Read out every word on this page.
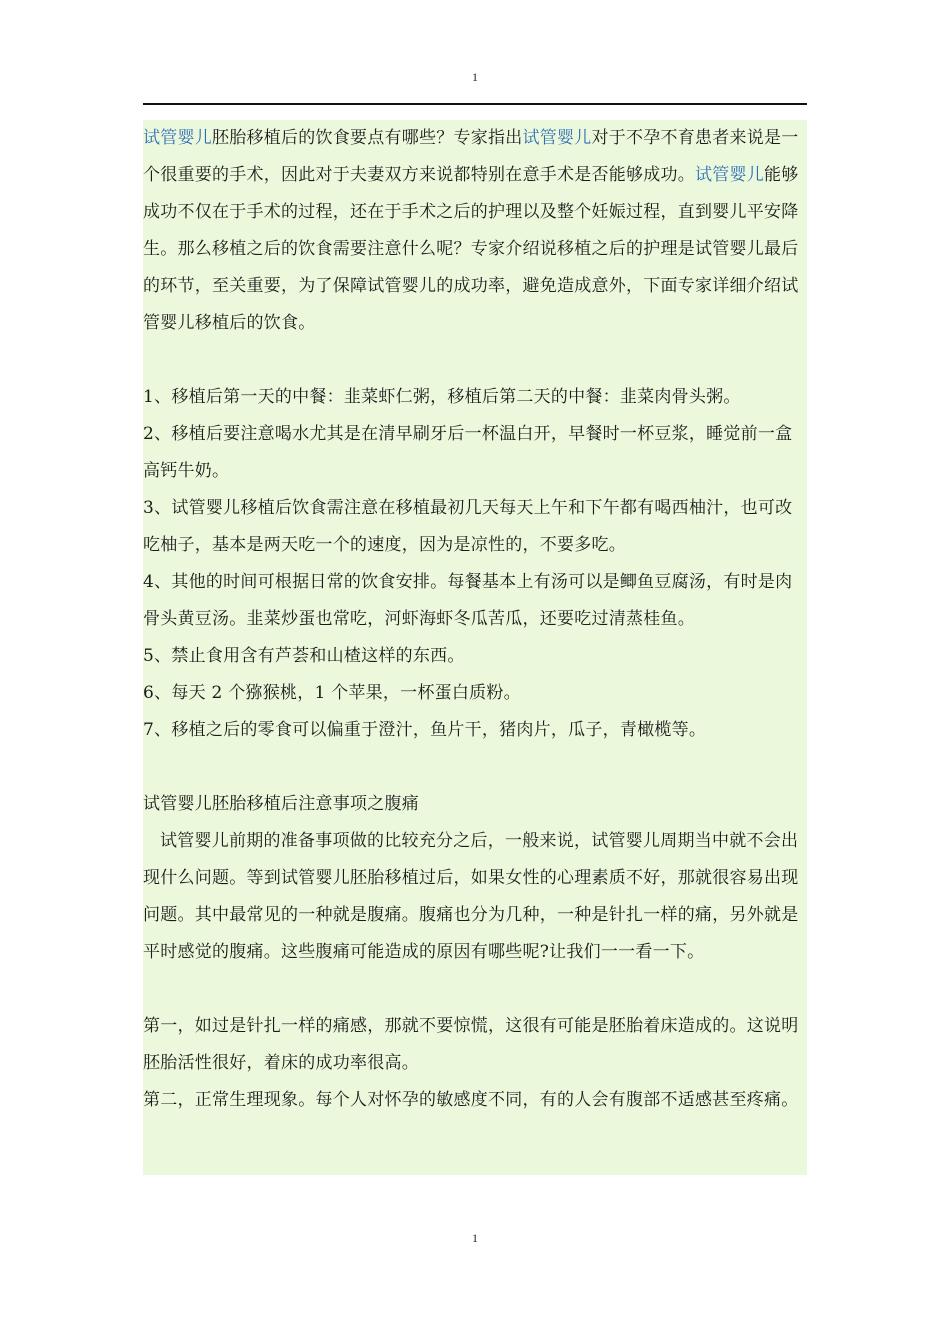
1

试管婴儿胚胎移植后的饮食要点有哪些？专家指出试管婴儿对于不孕不育患者来说是一个很重要的手术，因此对于夫妻双方来说都特别在意手术是否能够成功。试管婴儿能够成功不仅在于手术的过程，还在于手术之后的护理以及整个妊娠过程，直到婴儿平安降生。那么移植之后的饮食需要注意什么呢？专家介绍说移植之后的护理是试管婴儿最后的环节，至关重要，为了保障试管婴儿的成功率，避免造成意外，下面专家详细介绍试管婴儿移植后的饮食。

1、移植后第一天的中餐：韭菜虾仁粥，移植后第二天的中餐：韭菜肉骨头粥。

2、移植后要注意喝水尤其是在清早刷牙后一杯温白开，早餐时一杯豆浆，睡觉前一盒高钙牛奶。

3、试管婴儿移植后饮食需注意在移植最初几天每天上午和下午都有喝西柚汁，也可改吃柚子，基本是两天吃一个的速度，因为是凉性的，不要多吃。

4、其他的时间可根据日常的饮食安排。每餐基本上有汤可以是鲫鱼豆腐汤，有时是肉骨头黄豆汤。韭菜炒蛋也常吃，河虾海虾冬瓜苦瓜，还要吃过清蒸桂鱼。

5、禁止食用含有芦荟和山楂这样的东西。

6、每天 2 个猕猴桃，1 个苹果，一杯蛋白质粉。

7、移植之后的零食可以偏重于澄汁，鱼片干，猪肉片，瓜子，青橄榄等。

试管婴儿胚胎移植后注意事项之腹痛

试管婴儿前期的准备事项做的比较充分之后，一般来说，试管婴儿周期当中就不会出现什么问题。等到试管婴儿胚胎移植过后，如果女性的心理素质不好，那就很容易出现问题。其中最常见的一种就是腹痛。腹痛也分为几种，一种是针扎一样的痛，另外就是平时感觉的腹痛。这些腹痛可能造成的原因有哪些呢?让我们一一看一下。

第一，如过是针扎一样的痛感，那就不要惊慌，这很有可能是胚胎着床造成的。这说明胚胎活性很好，着床的成功率很高。

第二，正常生理现象。每个人对怀孕的敏感度不同，有的人会有腹部不适感甚至疼痛。

1
